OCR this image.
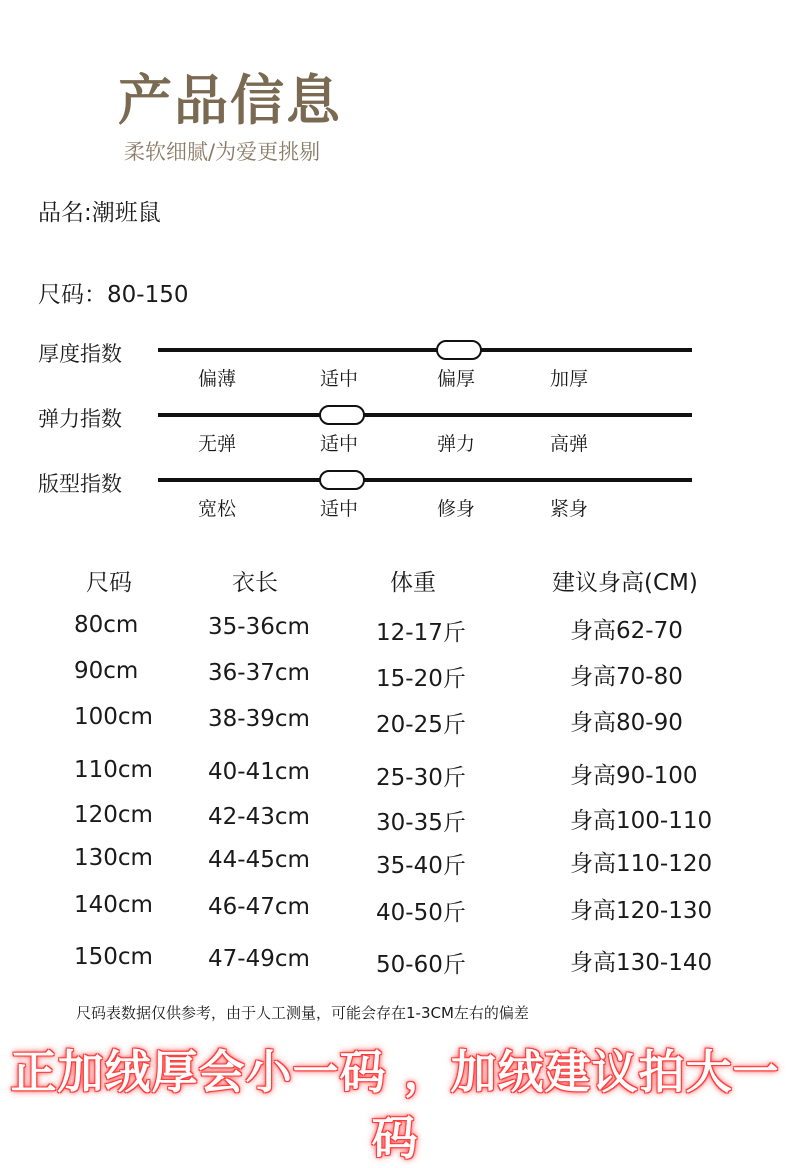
产品信息
柔软细腻/为爱更挑剔
品名:潮班鼠
尺码：80-150
厚度指数
偏薄	适中	偏厚	加厚
弹力指数
无弹	适中	弹力	高弹
版型指数
宽松	适中	修身	紧身
尺码	衣长	体重	建议身高(CM)
80cm	35-36cm	12-17斤	身高62-70
90cm	36-37cm	15-20斤	身高70-80
100cm 38-39cm	20-25斤	身高80-90
110cm 40-41cm	25-30斤	身高90-100
120cm 42-43cm	30-35斤	身高100-110
130cm 44-45cm	35-40斤	身高110-120
140cm 46-47cm	40-50斤	身高120-130
150cm 47-49cm	50-60斤	身高130-140
尺码表数据仅供参考，由于人工测量，可能会存在1-3CM左右的偏差
正加绒厚会小一码 ，加绒建议拍大一码
